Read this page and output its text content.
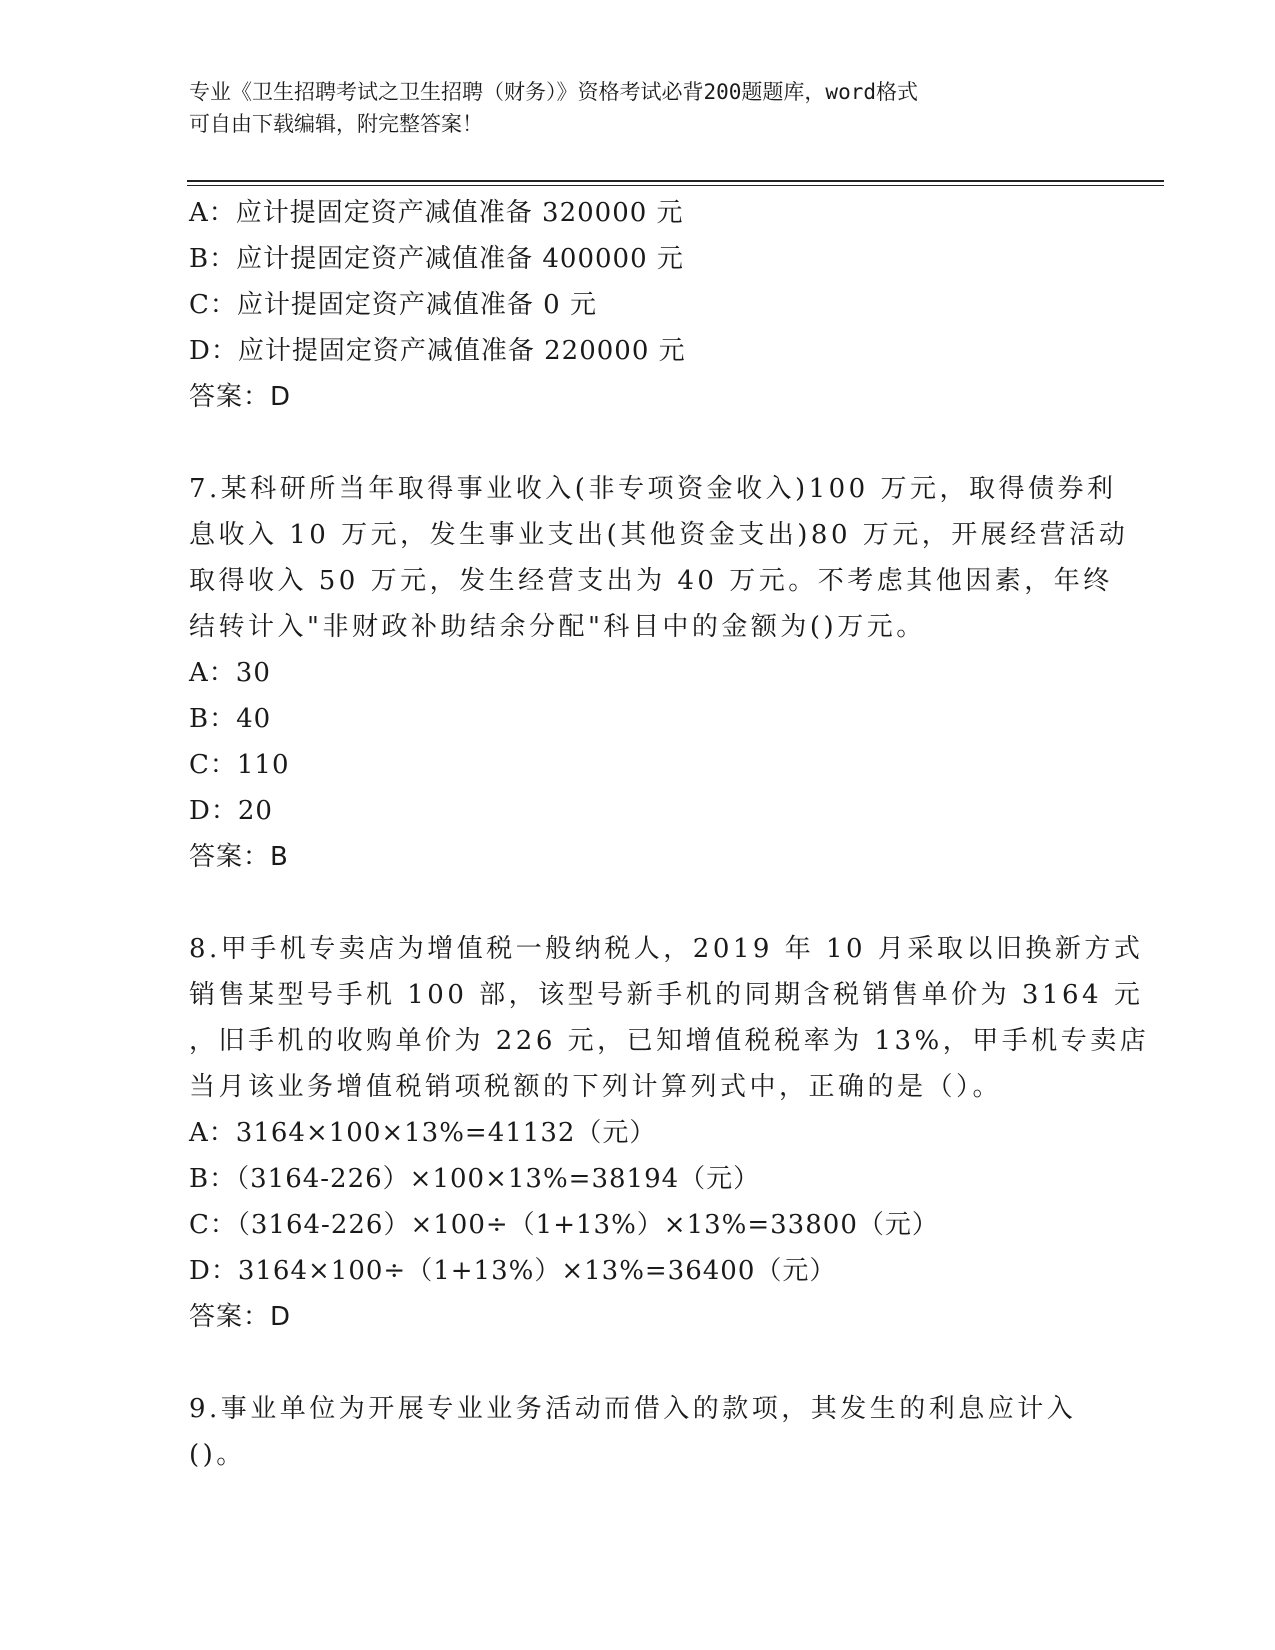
专业《卫生招聘考试之卫生招聘（财务）》资格考试必背200题题库，word格式
可自由下载编辑，附完整答案！
A：应计提固定资产减值准备 320000 元
B：应计提固定资产减值准备 400000 元
C：应计提固定资产减值准备 0 元
D：应计提固定资产减值准备 220000 元
答案：D
7.某科研所当年取得事业收入(非专项资金收入)100 万元，取得债券利
息收入 10 万元，发生事业支出(其他资金支出)80 万元，开展经营活动
取得收入 50 万元，发生经营支出为 40 万元。不考虑其他因素，年终
结转计入"非财政补助结余分配"科目中的金额为()万元。
A：30
B：40
C：110
D：20
答案：B
8.甲手机专卖店为增值税一般纳税人，2019 年 10 月采取以旧换新方式
销售某型号手机 100 部，该型号新手机的同期含税销售单价为 3164 元
，旧手机的收购单价为 226 元，已知增值税税率为 13%，甲手机专卖店
当月该业务增值税销项税额的下列计算列式中，正确的是（）。
A：3164×100×13%=41132（元）
B：（3164-226）×100×13%=38194（元）
C：（3164-226）×100÷（1+13%）×13%=33800（元）
D：3164×100÷（1+13%）×13%=36400（元）
答案：D
9.事业单位为开展专业业务活动而借入的款项，其发生的利息应计入
()。
